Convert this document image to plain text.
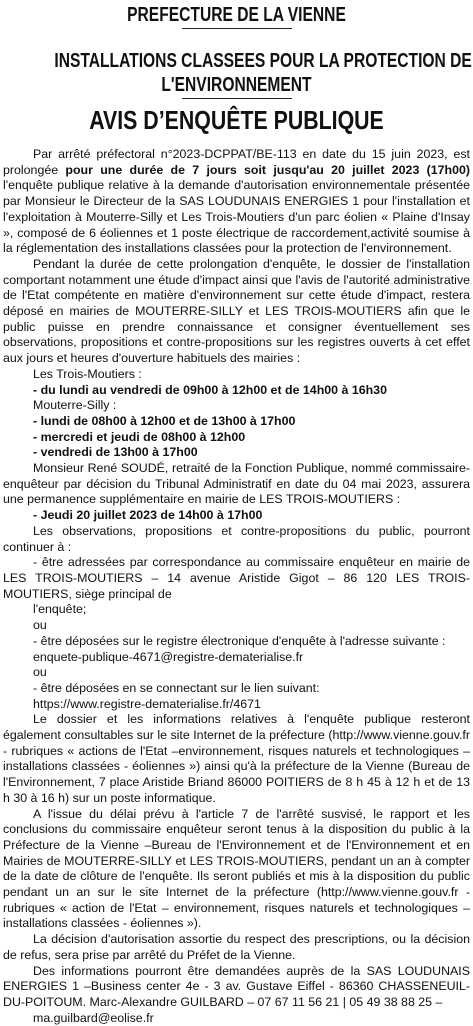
PREFECTURE DE LA VIENNE
INSTALLATIONS CLASSEES POUR LA PROTECTION DE
L'ENVIRONNEMENT
AVIS D’ENQUÊTE PUBLIQUE

Par arrêté préfectoral n°2023-DCPPAT/BE-113 en date du 15 juin 2023, est prolongée pour une durée de 7 jours soit jusqu'au 20 juillet 2023 (17h00) l'enquête publique relative à la demande d'autorisation environnementale présentée par Monsieur le Directeur de la SAS LOUDUNAIS ENERGIES 1 pour l'installation et l'exploitation à Mouterre-Silly et Les Trois-Moutiers d'un parc éolien « Plaine d'Insay », composé de 6 éoliennes et 1 poste électrique de raccordement,activité soumise à la réglementation des installations classées pour la protection de l'environnement.

Pendant la durée de cette prolongation d'enquête, le dossier de l'installation comportant notamment une étude d'impact ainsi que l'avis de l'autorité administrative de l'Etat compétente en matière d'environnement sur cette étude d'impact, restera déposé en mairies de MOUTERRE-SILLY et LES TROIS-MOUTIERS afin que le public puisse en prendre connaissance et consigner éventuellement ses observations, propositions et contre-propositions sur les registres ouverts à cet effet aux jours et heures d'ouverture habituels des mairies :

Les Trois-Moutiers :
- du lundi au vendredi de 09h00 à 12h00 et de 14h00 à 16h30
Mouterre-Silly :
- lundi de 08h00 à 12h00 et de 13h00 à 17h00
- mercredi et jeudi de 08h00 à 12h00
- vendredi de 13h00 à 17h00

Monsieur René SOUDÉ, retraité de la Fonction Publique, nommé commissaire-enquêteur par décision du Tribunal Administratif en date du 04 mai 2023, assurera une permanence supplémentaire en mairie de LES TROIS-MOUTIERS :

- Jeudi 20 juillet 2023 de 14h00 à 17h00

Les observations, propositions et contre-propositions du public, pourront continuer à :

- être adressées par correspondance au commissaire enquêteur en mairie de LES TROIS-MOUTIERS – 14 avenue Aristide Gigot – 86 120 LES TROIS-MOUTIERS, siège principal de

l'enquête;
ou
- être déposées sur le registre électronique d'enquête à l'adresse suivante :
enquete-publique-4671@registre-dematerialise.fr
ou
- être déposées en se connectant sur le lien suivant:
https://www.registre-dematerialise.fr/4671

Le dossier et les informations relatives à l'enquête publique resteront également consultables sur le site Internet de la préfecture (http://www.vienne.gouv.fr - rubriques « actions de l'Etat –environnement, risques naturels et technologiques – installations classées - éoliennes ») ainsi qu'à la préfecture de la Vienne (Bureau de l'Environnement, 7 place Aristide Briand 86000 POITIERS de 8 h 45 à 12 h et de 13 h 30 à 16 h) sur un poste informatique.

A l'issue du délai prévu à l'article 7 de l'arrêté susvisé, le rapport et les conclusions du commissaire enquêteur seront tenus à la disposition du public à la Préfecture de la Vienne –Bureau de l'Environnement et de l'Environnement et en Mairies de MOUTERRE-SILLY et LES TROIS-MOUTIERS, pendant un an à compter de la date de clôture de l'enquête. Ils seront publiés et mis à la disposition du public pendant un an sur le site Internet de la préfecture (http://www.vienne.gouv.fr - rubriques « action de l'Etat – environnement, risques naturels et technologiques – installations classées - éoliennes »).

La décision d'autorisation assortie du respect des prescriptions, ou la décision de refus, sera prise par arrêté du Préfet de la Vienne.

Des informations pourront être demandées auprès de la SAS LOUDUNAIS ENERGIES 1 –Business center 4e - 3 av. Gustave Eiffel - 86360 CHASSENEUIL-DU-POITOUM. Marc-Alexandre GUILBARD – 07 67 11 56 21 | 05 49 38 88 25 –

ma.guilbard@eolise.fr
